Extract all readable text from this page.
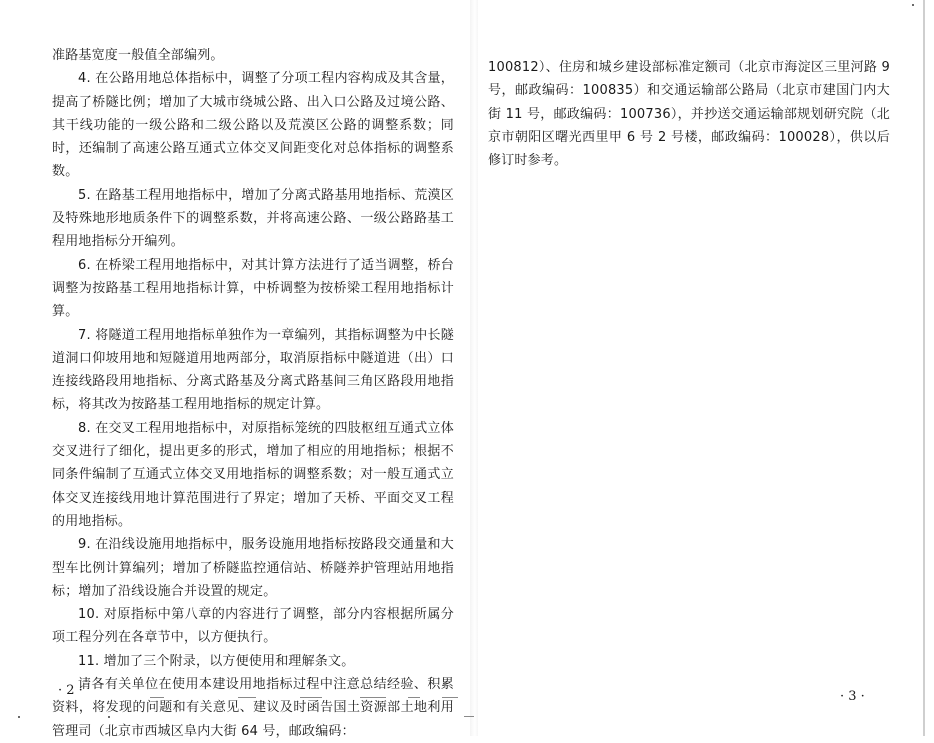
准路基宽度一般值全部编列。

4. 在公路用地总体指标中，调整了分项工程内容构成及其含量，提高了桥隧比例；增加了大城市绕城公路、出入口公路及过境公路、其干线功能的一级公路和二级公路以及荒漠区公路的调整系数；同时，还编制了高速公路互通式立体交叉间距变化对总体指标的调整系数。

5. 在路基工程用地指标中，增加了分离式路基用地指标、荒漠区及特殊地形地质条件下的调整系数，并将高速公路、一级公路路基工程用地指标分开编列。

6. 在桥梁工程用地指标中，对其计算方法进行了适当调整，桥台调整为按路基工程用地指标计算，中桥调整为按桥梁工程用地指标计算。

7. 将隧道工程用地指标单独作为一章编列，其指标调整为中长隧道洞口仰坡用地和短隧道用地两部分，取消原指标中隧道进（出）口连接线路段用地指标、分离式路基及分离式路基间三角区路段用地指标，将其改为按路基工程用地指标的规定计算。

8. 在交叉工程用地指标中，对原指标笼统的四肢枢纽互通式立体交叉进行了细化，提出更多的形式，增加了相应的用地指标；根据不同条件编制了互通式立体交叉用地指标的调整系数；对一般互通式立体交叉连接线用地计算范围进行了界定；增加了天桥、平面交叉工程的用地指标。

9. 在沿线设施用地指标中，服务设施用地指标按路段交通量和大型车比例计算编列；增加了桥隧监控通信站、桥隧养护管理站用地指标；增加了沿线设施合并设置的规定。

10. 对原指标中第八章的内容进行了调整，部分内容根据所属分项工程分列在各章节中，以方便执行。

11. 增加了三个附录，以方便使用和理解条文。

请各有关单位在使用本建设用地指标过程中注意总结经验、积累资料，将发现的问题和有关意见、建议及时函告国土资源部土地利用管理司（北京市西城区阜内大街 64 号，邮政编码：

· 2 ·

100812）、住房和城乡建设部标准定额司（北京市海淀区三里河路 9 号，邮政编码：100835）和交通运输部公路局（北京市建国门内大街 11 号，邮政编码：100736），并抄送交通运输部规划研究院（北京市朝阳区曙光西里甲 6 号 2 号楼，邮政编码：100028），供以后修订时参考。

· 3 ·
